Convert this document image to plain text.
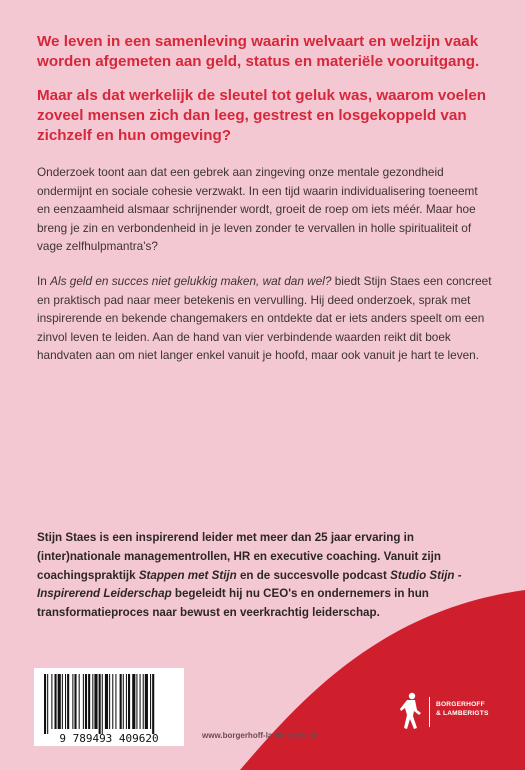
We leven in een samenleving waarin welvaart en welzijn vaak worden afgemeten aan geld, status en materiële vooruitgang.

Maar als dat werkelijk de sleutel tot geluk was, waarom voelen zoveel mensen zich dan leeg, gestrest en losgekoppeld van zichzelf en hun omgeving?

Onderzoek toont aan dat een gebrek aan zingeving onze mentale gezondheid ondermijnt en sociale cohesie verzwakt. In een tijd waarin individualisering toeneemt en eenzaamheid alsmaar schrijnender wordt, groeit de roep om iets méér. Maar hoe breng je zin en verbondenheid in je leven zonder te vervallen in holle spiritualiteit of vage zelfhulpmantra's?

In Als geld en succes niet gelukkig maken, wat dan wel? biedt Stijn Staes een concreet en praktisch pad naar meer betekenis en vervulling. Hij deed onderzoek, sprak met inspirerende en bekende changemakers en ontdekte dat er iets anders speelt om een zinvol leven te leiden. Aan de hand van vier verbindende waarden reikt dit boek handvaten aan om niet langer enkel vanuit je hoofd, maar ook vanuit je hart te leven.

Stijn Staes is een inspirerend leider met meer dan 25 jaar ervaring in (inter)nationale managementrollen, HR en executive coaching. Vanuit zijn coachingspraktijk Stappen met Stijn en de succesvolle podcast Studio Stijn - Inspirerend Leiderschap begeleidt hij nu CEO's en ondernemers in hun transformatieproces naar bewust en veerkrachtig leiderschap.

9 789493 409620	www.borgerhoff-lamberigts.be
BORGERHOFF
& LAMBERIGTS
